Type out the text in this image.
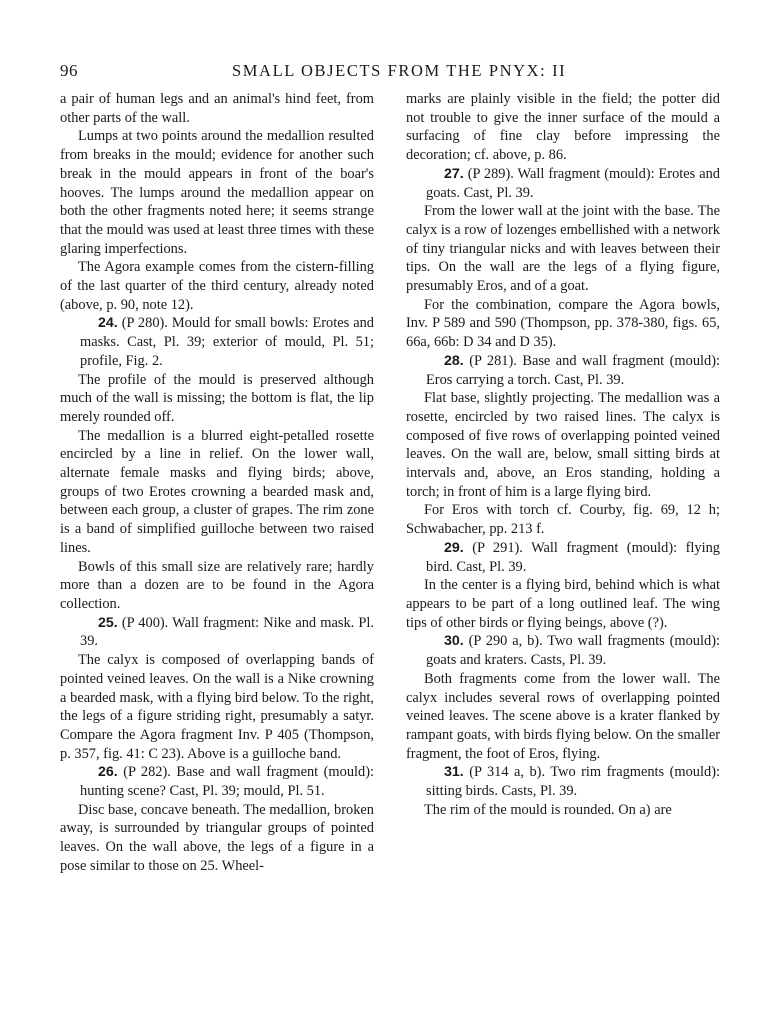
96	SMALL OBJECTS FROM THE PNYX: II

a pair of human legs and an animal's hind feet, from other parts of the wall.

Lumps at two points around the medallion resulted from breaks in the mould; evidence for another such break in the mould appears in front of the boar's hooves. The lumps around the medallion appear on both the other fragments noted here; it seems strange that the mould was used at least three times with these glaring imperfections.

The Agora example comes from the cistern-filling of the last quarter of the third century, already noted (above, p. 90, note 12).

24. (P 280). Mould for small bowls: Erotes and masks. Cast, Pl. 39; exterior of mould, Pl. 51; profile, Fig. 2.

The profile of the mould is preserved although much of the wall is missing; the bottom is flat, the lip merely rounded off.

The medallion is a blurred eight-petalled rosette encircled by a line in relief. On the lower wall, alternate female masks and flying birds; above, groups of two Erotes crowning a bearded mask and, between each group, a cluster of grapes. The rim zone is a band of simplified guilloche between two raised lines.

Bowls of this small size are relatively rare; hardly more than a dozen are to be found in the Agora collection.

25. (P 400). Wall fragment: Nike and mask. Pl. 39.

The calyx is composed of overlapping bands of pointed veined leaves. On the wall is a Nike crowning a bearded mask, with a flying bird below. To the right, the legs of a figure striding right, presumably a satyr. Compare the Agora fragment Inv. P 405 (Thompson, p. 357, fig. 41: C 23). Above is a guilloche band.

26. (P 282). Base and wall fragment (mould): hunting scene? Cast, Pl. 39; mould, Pl. 51.

Disc base, concave beneath. The medallion, broken away, is surrounded by triangular groups of pointed leaves. On the wall above, the legs of a figure in a pose similar to those on 25. Wheel-

marks are plainly visible in the field; the potter did not trouble to give the inner surface of the mould a surfacing of fine clay before impressing the decoration; cf. above, p. 86.

27. (P 289). Wall fragment (mould): Erotes and goats. Cast, Pl. 39.

From the lower wall at the joint with the base. The calyx is a row of lozenges embellished with a network of tiny triangular nicks and with leaves between their tips. On the wall are the legs of a flying figure, presumably Eros, and of a goat.

For the combination, compare the Agora bowls, Inv. P 589 and 590 (Thompson, pp. 378-380, figs. 65, 66a, 66b: D 34 and D 35).

28. (P 281). Base and wall fragment (mould): Eros carrying a torch. Cast, Pl. 39.

Flat base, slightly projecting. The medallion was a rosette, encircled by two raised lines. The calyx is composed of five rows of overlapping pointed veined leaves. On the wall are, below, small sitting birds at intervals and, above, an Eros standing, holding a torch; in front of him is a large flying bird.

For Eros with torch cf. Courby, fig. 69, 12 h; Schwabacher, pp. 213 f.

29. (P 291). Wall fragment (mould): flying bird. Cast, Pl. 39.

In the center is a flying bird, behind which is what appears to be part of a long outlined leaf. The wing tips of other birds or flying beings, above (?).

30. (P 290 a, b). Two wall fragments (mould): goats and kraters. Casts, Pl. 39.

Both fragments come from the lower wall. The calyx includes several rows of overlapping pointed veined leaves. The scene above is a krater flanked by rampant goats, with birds flying below. On the smaller fragment, the foot of Eros, flying.

31. (P 314 a, b). Two rim fragments (mould): sitting birds. Casts, Pl. 39.

The rim of the mould is rounded. On a) are
